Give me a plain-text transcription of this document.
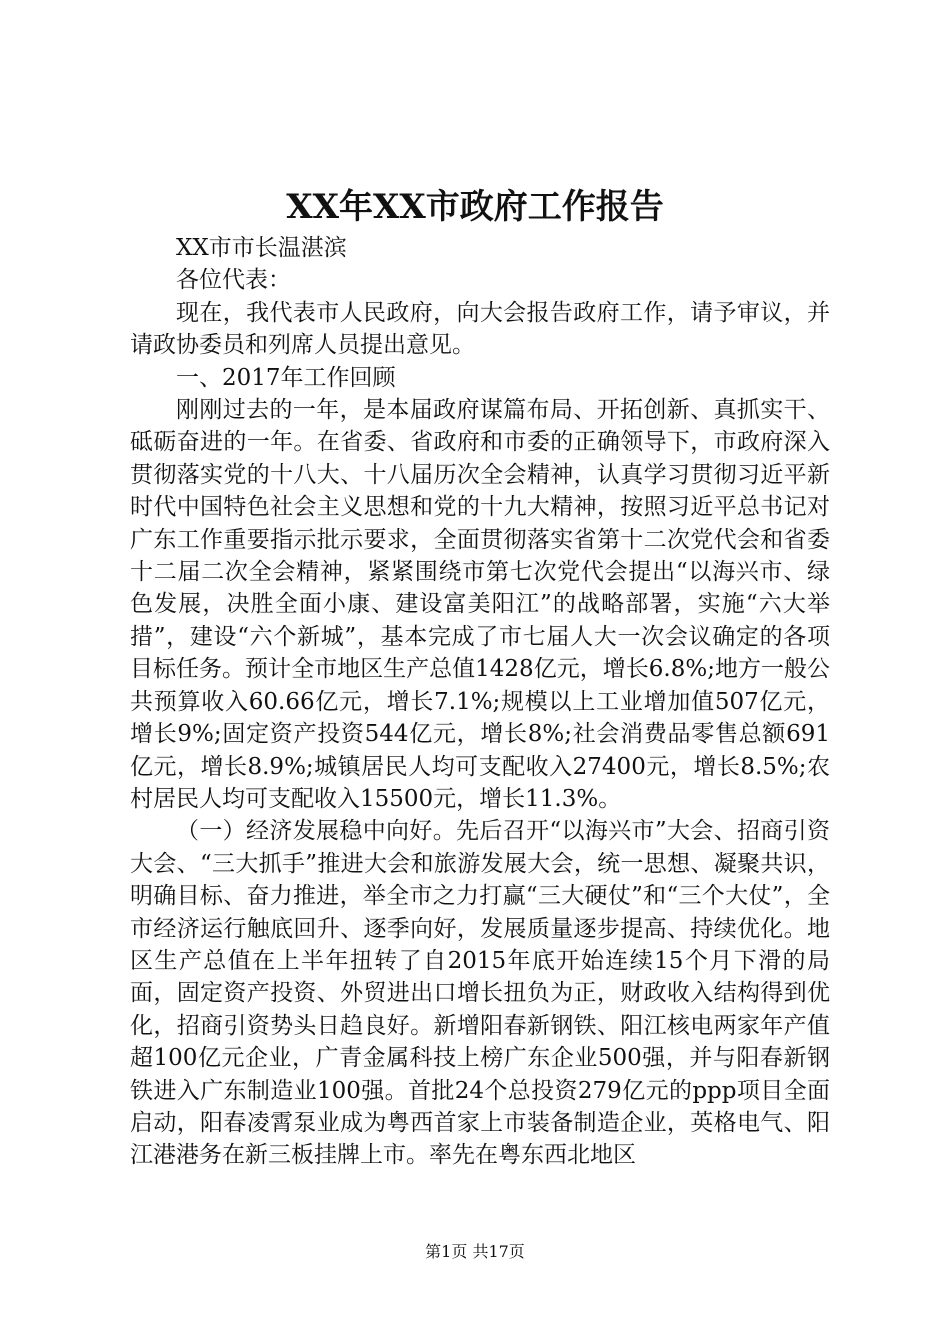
XX年XX市政府工作报告

XX市市长温湛滨

各位代表：

现在，我代表市人民政府，向大会报告政府工作，请予审议，并请政协委员和列席人员提出意见。

一、2017年工作回顾

刚刚过去的一年，是本届政府谋篇布局、开拓创新、真抓实干、砥砺奋进的一年。在省委、省政府和市委的正确领导下，市政府深入贯彻落实党的十八大、十八届历次全会精神，认真学习贯彻习近平新时代中国特色社会主义思想和党的十九大精神，按照习近平总书记对广东工作重要指示批示要求，全面贯彻落实省第十二次党代会和省委十二届二次全会精神，紧紧围绕市第七次党代会提出“以海兴市、绿色发展，决胜全面小康、建设富美阳江”的战略部署，实施“六大举措”，建设“六个新城”，基本完成了市七届人大一次会议确定的各项目标任务。预计全市地区生产总值1428亿元，增长6.8%;地方一般公共预算收入60.66亿元，增长7.1%;规模以上工业增加值507亿元，增长9%;固定资产投资544亿元，增长8%;社会消费品零售总额691亿元，增长8.9%;城镇居民人均可支配收入27400元，增长8.5%;农村居民人均可支配收入15500元，增长11.3%。

（一）经济发展稳中向好。先后召开“以海兴市”大会、招商引资大会、“三大抓手”推进大会和旅游发展大会，统一思想、凝聚共识，明确目标、奋力推进，举全市之力打赢“三大硬仗”和“三个大仗”，全市经济运行触底回升、逐季向好，发展质量逐步提高、持续优化。地区生产总值在上半年扭转了自2015年底开始连续15个月下滑的局面，固定资产投资、外贸进出口增长扭负为正，财政收入结构得到优化，招商引资势头日趋良好。新增阳春新钢铁、阳江核电两家年产值超100亿元企业，广青金属科技上榜广东企业500强，并与阳春新钢铁进入广东制造业100强。首批24个总投资279亿元的ppp项目全面启动，阳春凌霄泵业成为粤西首家上市装备制造企业，英格电气、阳江港港务在新三板挂牌上市。率先在粤东西北地区

第1页 共17页
